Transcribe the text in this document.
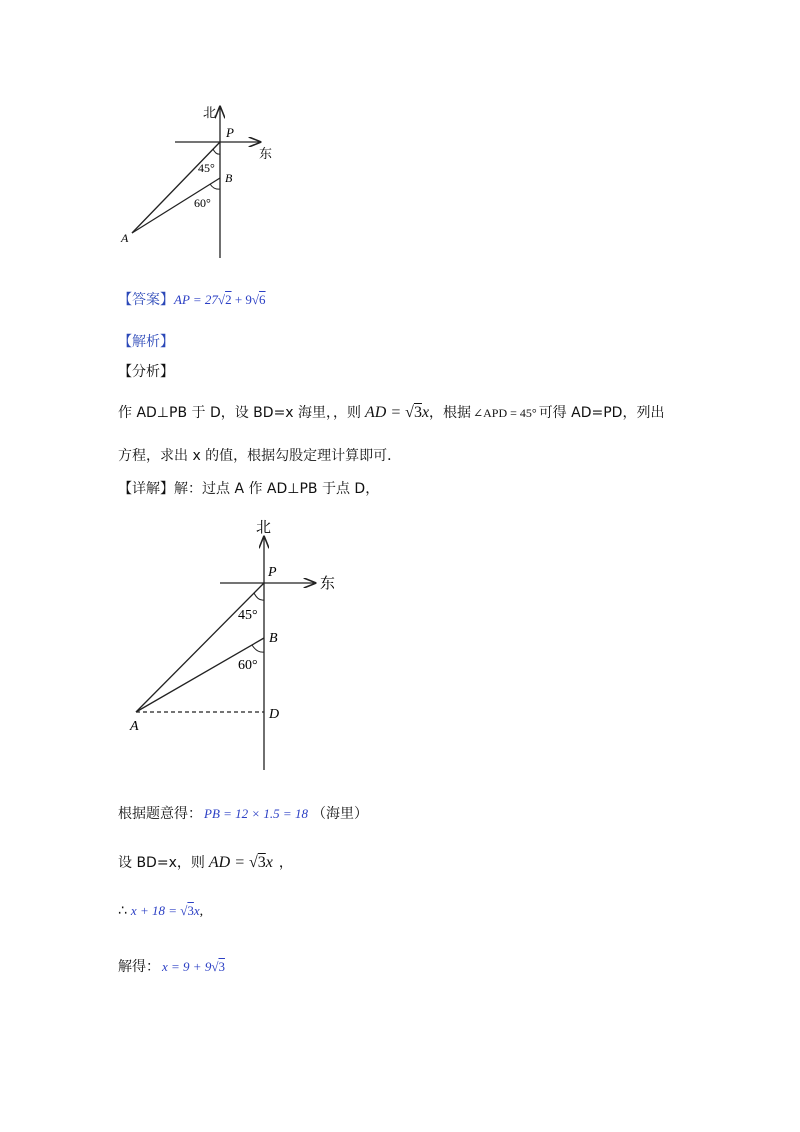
北
东
P
B
A
45°
60°
【答案】AP = 27√2 + 9√6
【解析】
【分析】
作 AD⊥PB 于 D，设 BD=x 海里，，则 AD = √3x，根据 ∠APD = 45° 可得 AD=PD，列出
方程，求出 x 的值，根据勾股定理计算即可．
【详解】解：过点 A 作 AD⊥PB 于点 D，
北
东
P
B
D
A
45°
60°
根据题意得： PB = 12 × 1.5 = 18 （海里）
设 BD=x，则 AD = √3x ，
∴ x + 18 = √3x,
解得： x = 9 + 9√3
